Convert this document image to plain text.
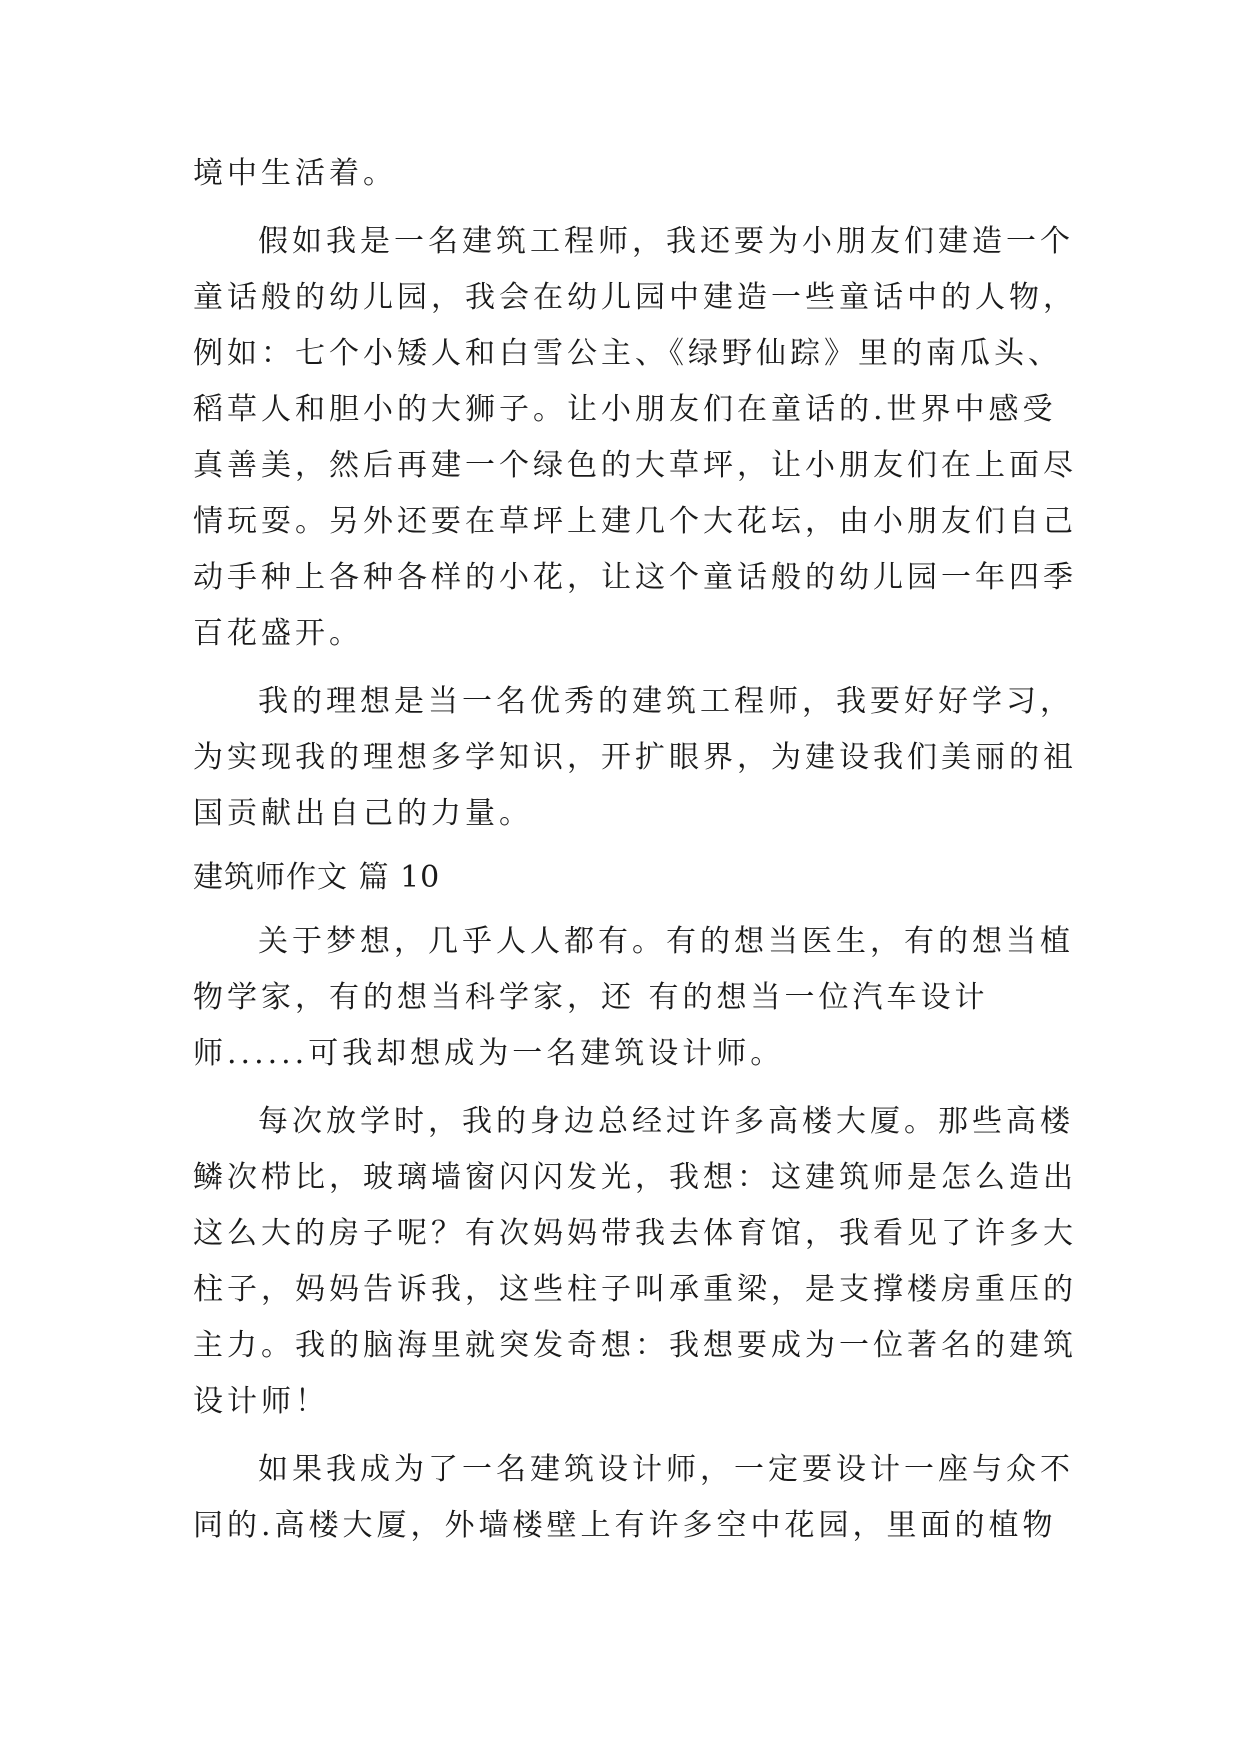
境中生活着。
假如我是一名建筑工程师，我还要为小朋友们建造一个
童话般的幼儿园，我会在幼儿园中建造一些童话中的人物，
例如：七个小矮人和白雪公主、《绿野仙踪》里的南瓜头、
稻草人和胆小的大狮子。让小朋友们在童话的.世界中感受
真善美，然后再建一个绿色的大草坪，让小朋友们在上面尽
情玩耍。另外还要在草坪上建几个大花坛，由小朋友们自己
动手种上各种各样的小花，让这个童话般的幼儿园一年四季
百花盛开。
我的理想是当一名优秀的建筑工程师，我要好好学习，
为实现我的理想多学知识，开扩眼界，为建设我们美丽的祖
国贡献出自己的力量。
建筑师作文 篇 10
关于梦想，几乎人人都有。有的想当医生，有的想当植
物学家，有的想当科学家，还 有的想当一位汽车设计
师......可我却想成为一名建筑设计师。
每次放学时，我的身边总经过许多高楼大厦。那些高楼
鳞次栉比，玻璃墙窗闪闪发光，我想：这建筑师是怎么造出
这么大的房子呢？有次妈妈带我去体育馆，我看见了许多大
柱子，妈妈告诉我，这些柱子叫承重梁，是支撑楼房重压的
主力。我的脑海里就突发奇想：我想要成为一位著名的建筑
设计师！
如果我成为了一名建筑设计师，一定要设计一座与众不
同的.高楼大厦，外墙楼壁上有许多空中花园，里面的植物
